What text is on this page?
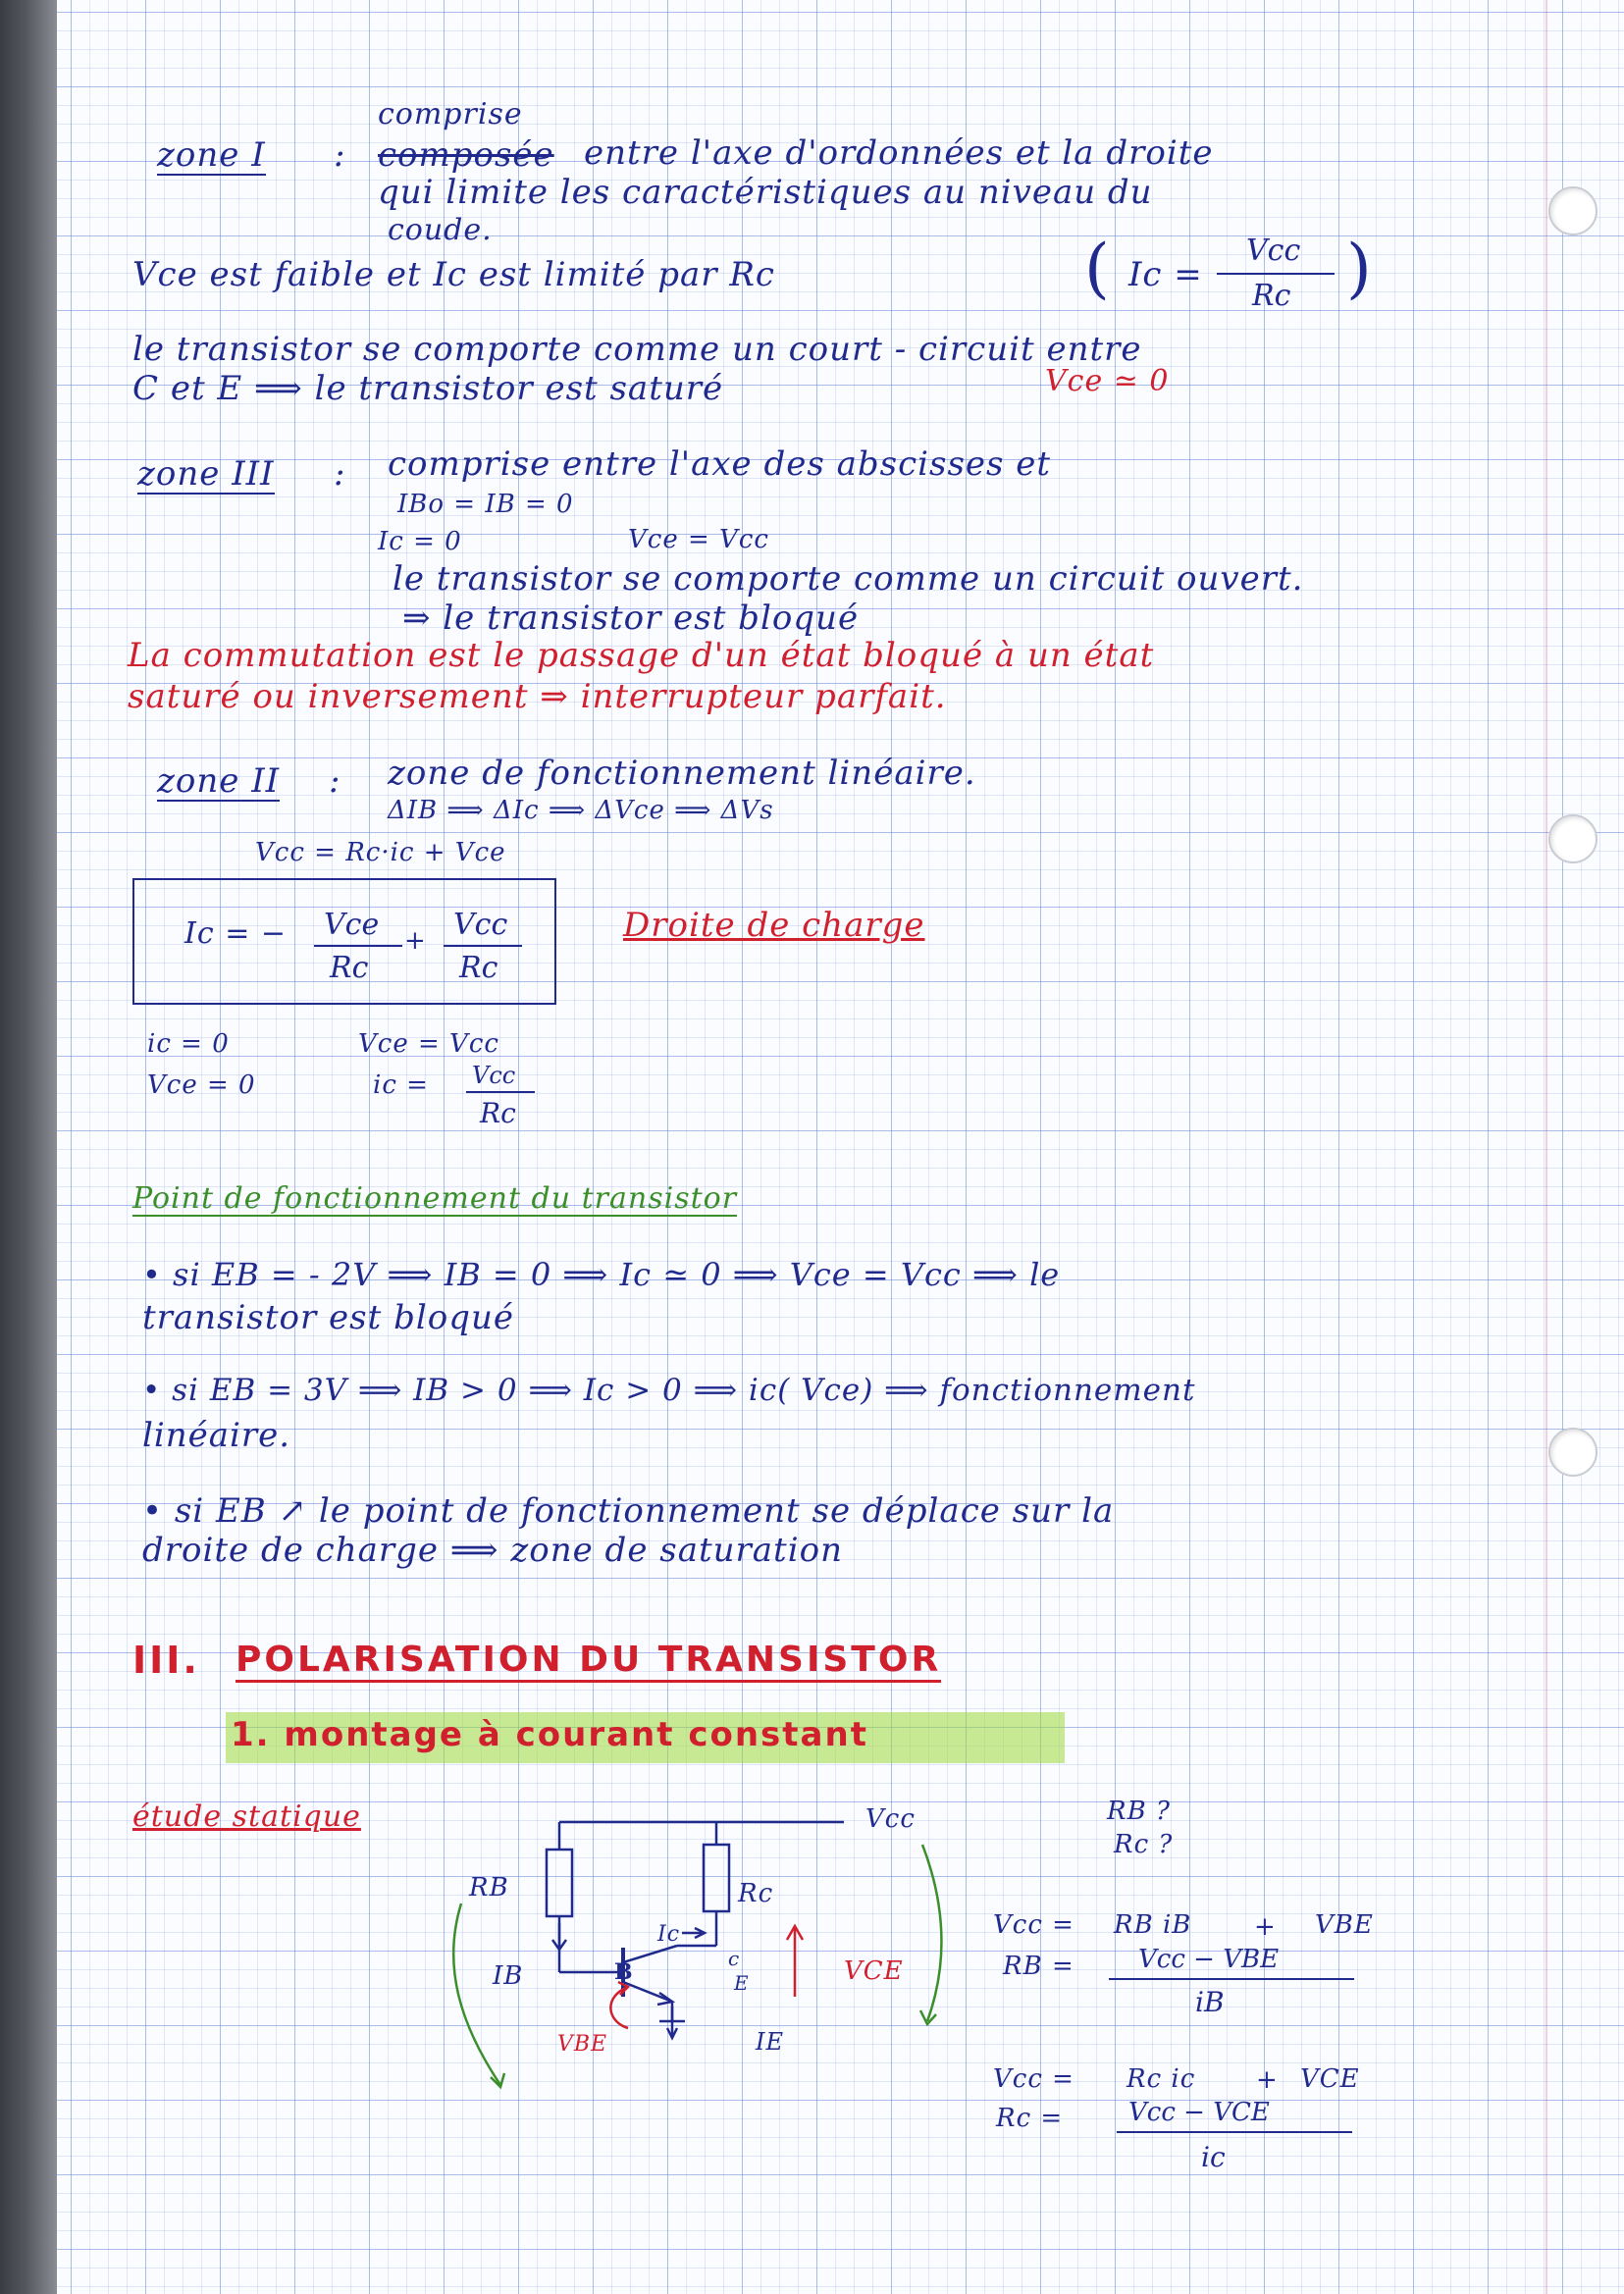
comprise
zone I : composée entre l'axe d'ordonnées et la droite
qui limite les caractéristiques au niveau du
coude.
Vce est faible et Ic est limité par Rc	(	)
Ic =
Vcc
Rc
le transistor se comporte comme un court - circuit entre
C et E ⟹ le transistor est saturé	Vce ≃ 0
zone III : comprise entre l'axe des abscisses et
IBo = IB = 0
Ic = 0	Vce = Vcc
le transistor se comporte comme un circuit ouvert.
⇒ le transistor est bloqué
La commutation est le passage d'un état bloqué à un état
saturé ou inversement ⇒ interrupteur parfait.
zone II : zone de fonctionnement linéaire.
ΔIB ⟹ ΔIc ⟹ ΔVce ⟹ ΔVs
Vcc = Rc·ic + Vce
Ic = − Vce
Rc
+ Vcc
Rc
Droite de charge
ic = 0
Vce = 0
Vce = Vcc
ic = Vcc
Rc
Point de fonctionnement du transistor
• si EB = - 2V ⟹ IB = 0 ⟹ Ic ≃ 0 ⟹ Vce = Vcc ⟹ le
transistor est bloqué
• si EB = 3V ⟹ IB > 0 ⟹ Ic > 0 ⟹ ic( Vce) ⟹ fonctionnement
linéaire.
• si EB ↗ le point de fonctionnement se déplace sur la
droite de charge ⟹ zone de saturation
III. POLARISATION DU TRANSISTOR
1. montage à courant constant
étude statique	Vcc
RB	Rc
IB
Ic
B
c
E
IE
VBE
VCE
RB ?
Rc ?
Vcc = RB iB + VBE
RB =	Vcc − VBE
iB
Vcc = Rc ic + VCE
Rc =	Vcc − VCE
ic
